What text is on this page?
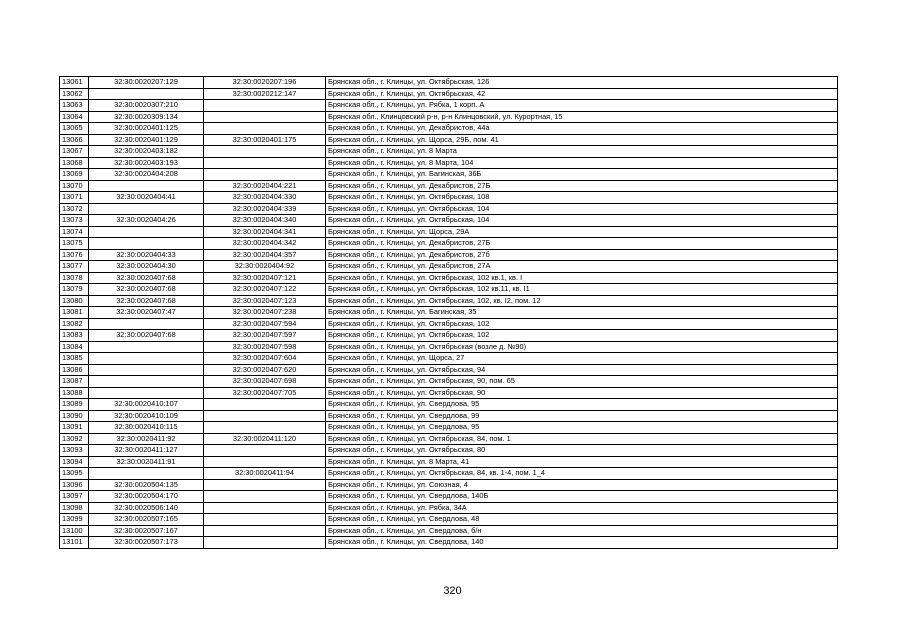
13061	32:30:0020207:129	32:30:0020207:196	Брянская обл., г. Клинцы, ул. Октябрьская, 126
13062		32:30:0020212:147	Брянская обл., г. Клинцы, ул. Октябрьская, 42
13063	32:30:0020307:210		Брянская обл., г. Клинцы, ул. Рябка, 1 корп. А
13064	32:30:0020309:134		Брянская обл., Клинцовский р-н, р-н Клинцовский, ул. Курортная, 15
13065	32:30:0020401:125		Брянская обл., г. Клинцы, ул. Декабристов, 44а
13066	32:30:0020401:129	32:30:0020401:175	Брянская обл., г. Клинцы, ул. Щорса, 29Б, пом. 41
13067	32:30:0020403:182		Брянская обл., г. Клинцы, ул. 8 Марта
13068	32:30:0020403:193		Брянская обл., г. Клинцы, ул. 8 Марта, 104
13069	32:30:0020404:208		Брянская обл., г. Клинцы, ул. Багинская, 36Б
13070		32:30:0020404:221	Брянская обл., г. Клинцы, ул. Декабристов, 27Б
13071	32:30:0020404:41	32:30:0020404:330	Брянская обл., г. Клинцы, ул. Октябрьская, 108
13072		32:30:0020404:339	Брянская обл., г. Клинцы, ул. Октябрьская, 104
13073	32:30:0020404:26	32:30:0020404:340	Брянская обл., г. Клинцы, ул. Октябрьская, 104
13074		32:30:0020404:341	Брянская обл., г. Клинцы, ул. Щорса, 29А
13075		32:30:0020404:342	Брянская обл., г. Клинцы, ул. Декабристов, 27Б
13076	32:30:0020404:33	32:30:0020404:357	Брянская обл., г. Клинцы, ул. Декабристов, 27б
13077	32:30:0020404:30	32:30:0020404:92	Брянская обл., г. Клинцы, ул. Декабристов, 27А
13078	32:30:0020407:68	32:30:0020407:121	Брянская обл., г. Клинцы, ул. Октябрьская, 102 кв.1, кв. I
13079	32:30:0020407:68	32:30:0020407:122	Брянская обл., г. Клинцы, ул. Октябрьская, 102 кв.11, кв. I1
13080	32:30:0020407:68	32:30:0020407:123	Брянская обл., г. Клинцы, ул. Октябрьская, 102, кв. I2, пом. 12
13081	32:30:0020407:47	32:30:0020407:238	Брянская обл., г. Клинцы, ул. Багинская, 35
13082		32:30:0020407:594	Брянская обл., г. Клинцы, ул. Октябрьская, 102
13083	32:30:0020407:68	32:30:0020407:597	Брянская обл., г. Клинцы, ул. Октябрьская, 102
13084		32:30:0020407:598	Брянская обл., г. Клинцы, ул. Октябрьская (возле д. №90)
13085		32:30:0020407:604	Брянская обл., г. Клинцы, ул. Щорса, 27
13086		32:30:0020407:620	Брянская обл., г. Клинцы, ул. Октябрьская, 94
13087		32:30:0020407:698	Брянская обл., г. Клинцы, ул. Октябрьская, 90, пом. 65
13088		32:30:0020407:705	Брянская обл., г. Клинцы, ул. Октябрьская, 90
13089	32:30:0020410:107		Брянская обл., г. Клинцы, ул. Свердлова, 95
13090	32:30:0020410:109		Брянская обл., г. Клинцы, ул. Свердлова, 99
13091	32:30:0020410:115		Брянская обл., г. Клинцы, ул. Свердлова, 95
13092	32:30:0020411:92	32:30:0020411:120	Брянская обл., г. Клинцы, ул. Октябрьская, 84, пом. 1
13093	32:30:0020411:127		Брянская обл., г. Клинцы, ул. Октябрьская, 80
13094	32:30:0020411:91		Брянская обл., г. Клинцы, ул. 8 Марта, 41
13095		32:30:0020411:94	Брянская обл., г. Клинцы, ул. Октябрьская, 84, кв. 1-4, пом. 1_4
13096	32:30:0020504:135		Брянская обл., г. Клинцы, ул. Союзная, 4
13097	32:30:0020504:170		Брянская обл., г. Клинцы, ул. Свердлова, 140Б
13098	32:30:0020506:140		Брянская обл., г. Клинцы, ул. Рябка, 34А
13099	32:30:0020507:165		Брянская обл., г. Клинцы, ул. Свердлова, 48
13100	32:30:0020507:167		Брянская обл., г. Клинцы, ул. Свердлова, б/н
13101	32:30:0020507:173		Брянская обл., г. Клинцы, ул. Свердлова, 140
320
